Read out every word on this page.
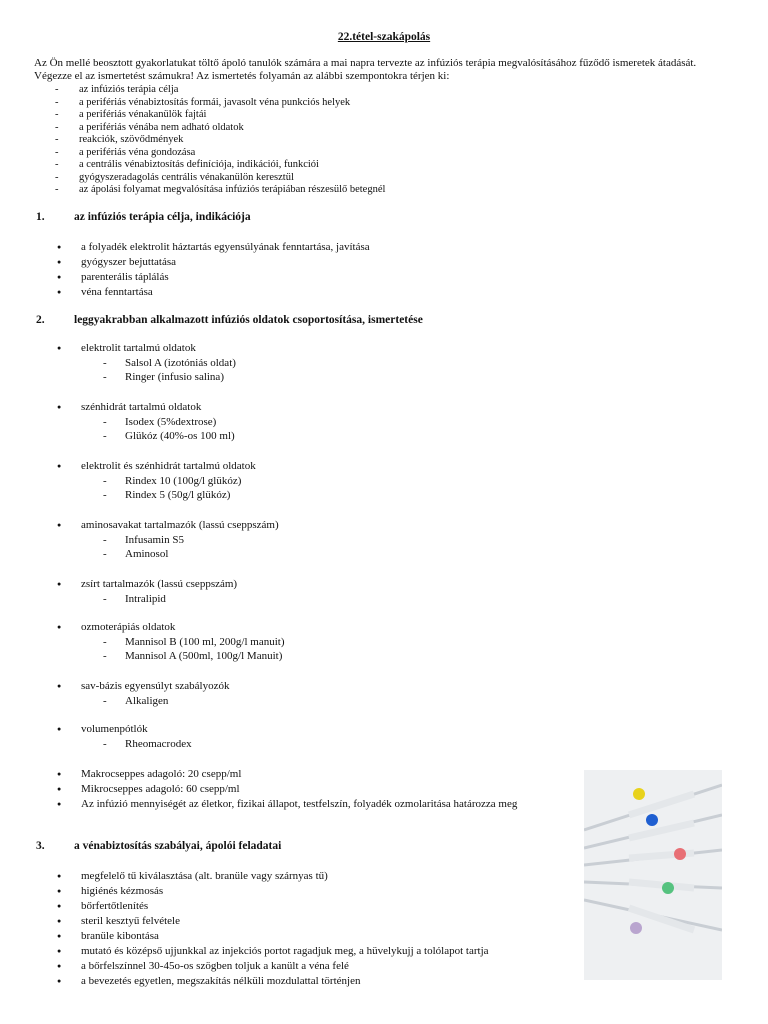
22.tétel-szakápolás

Az Ön mellé beosztott gyakorlatukat töltő ápoló tanulók számára a mai napra tervezte az infúziós terápia megvalósításához fűződő ismeretek átadását.

Végezze el az ismertetést számukra! Az ismertetés folyamán az alábbi szempontokra térjen ki:

- az infúziós terápia célja
- a perifériás vénabiztosítás formái, javasolt véna punkciós helyek
- a perifériás vénakanülök fajtái
- a perifériás vénába nem adható oldatok
- reakciók, szövődmények
- a perifériás véna gondozása
- a centrális vénabiztosítás definíciója, indikációi, funkciói
- gyógyszeradagolás centrális vénakanülön keresztül
- az ápolási folyamat megvalósítása infúziós terápiában részesülő betegnél
1.	az infúziós terápia célja, indikációja
● a folyadék elektrolit háztartás egyensúlyának fenntartása, javítása
● gyógyszer bejuttatása
● parenterális táplálás
● véna fenntartása
2.	leggyakrabban alkalmazott infúziós oldatok csoportosítása, ismertetése
● elektrolit tartalmú oldatok
- Salsol A (izotóniás oldat)
- Ringer (infusio salina)
● szénhidrát tartalmú oldatok
- Isodex (5%dextrose)
- Glükóz (40%-os 100 ml)
● elektrolit és szénhidrát tartalmú oldatok
- Rindex 10 (100g/l glükóz)
- Rindex 5 (50g/l glükóz)
● aminosavakat tartalmazók (lassú cseppszám)
- Infusamin S5
- Aminosol
● zsírt tartalmazók (lassú cseppszám)
- Intralipid
● ozmoterápiás oldatok
- Mannisol B (100 ml, 200g/l manuit)
- Mannisol A (500ml, 100g/l Manuit)
● sav-bázis egyensúlyt szabályozók
- Alkaligen
● volumenpótlók
- Rheomacrodex
● Makrocseppes adagoló: 20 csepp/ml
● Mikrocseppes adagoló: 60 csepp/ml
● Az infúzió mennyiségét az életkor, fizikai állapot, testfelszín, folyadék ozmolaritása határozza meg
3.	a vénabiztosítás szabályai, ápolói feladatai
● megfelelő tű kiválasztása (alt. branüle vagy szárnyas tű)
● higiénés kézmosás
● bőrfertőtlenítés
● steril kesztyű felvétele
● branüle kibontása
● mutató és középső ujjunkkal az injekciós portot ragadjuk meg, a hüvelykujj a tolólapot tartja
● a bőrfelszínnel 30-45o-os szögben toljuk a kanült a véna felé
● a bevezetés egyetlen, megszakítás nélküli mozdulattal történjen
